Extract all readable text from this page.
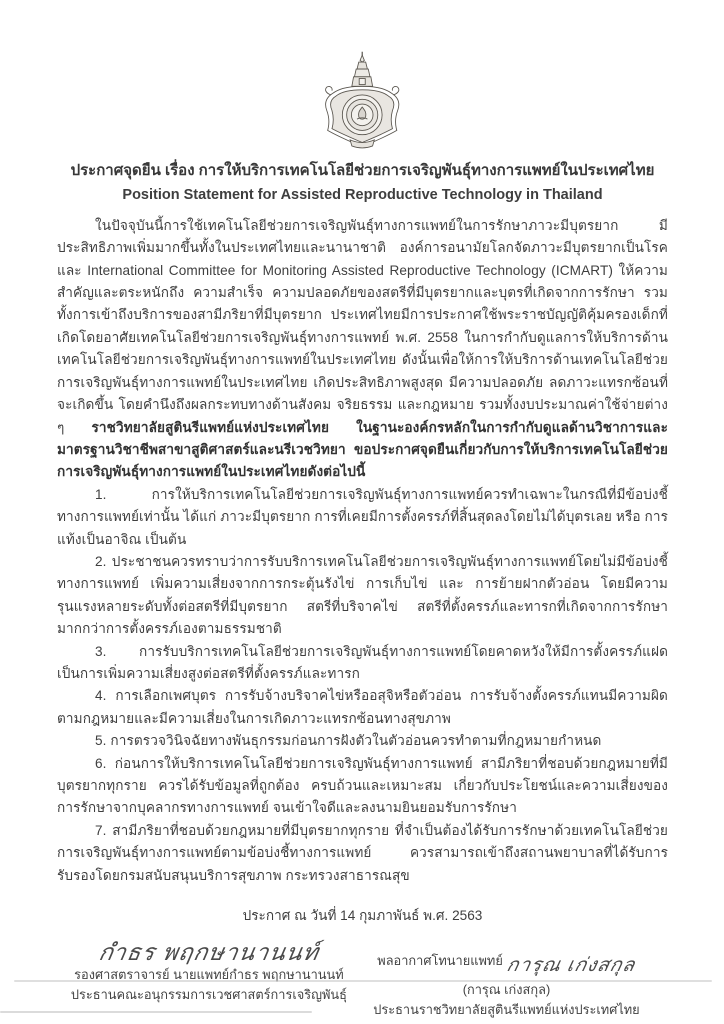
ประกาศจุดยืน เรื่อง การให้บริการเทคโนโลยีช่วยการเจริญพันธุ์ทางการแพทย์ในประเทศไทย
Position Statement for Assisted Reproductive Technology in Thailand

ในปัจจุบันนี้การใช้เทคโนโลยีช่วยการเจริญพันธุ์ทางการแพทย์ในการรักษาภาวะมีบุตรยาก มีประสิทธิภาพเพิ่มมากขึ้นทั้งในประเทศไทยและนานาชาติ องค์การอนามัยโลกจัดภาวะมีบุตรยากเป็นโรค และ International Committee for Monitoring Assisted Reproductive Technology (ICMART) ให้ความสำคัญและตระหนักถึง ความสำเร็จ ความปลอดภัยของสตรีที่มีบุตรยากและบุตรที่เกิดจากการรักษา รวมทั้งการเข้าถึงบริการของสามีภริยาที่มีบุตรยาก ประเทศไทยมีการประกาศใช้พระราชบัญญัติคุ้มครองเด็กที่เกิดโดยอาศัยเทคโนโลยีช่วยการเจริญพันธุ์ทางการแพทย์ พ.ศ. 2558 ในการกำกับดูแลการให้บริการด้านเทคโนโลยีช่วยการเจริญพันธุ์ทางการแพทย์ในประเทศไทย ดังนั้นเพื่อให้การให้บริการด้านเทคโนโลยีช่วยการเจริญพันธุ์ทางการแพทย์ในประเทศไทย เกิดประสิทธิภาพสูงสุด มีความปลอดภัย ลดภาวะแทรกซ้อนที่จะเกิดขึ้น โดยคำนึงถึงผลกระทบทางด้านสังคม จริยธรรม และกฎหมาย รวมทั้งงบประมาณค่าใช้จ่ายต่าง ๆ ราชวิทยาลัยสูตินรีแพทย์แห่งประเทศไทย ในฐานะองค์กรหลักในการกำกับดูแลด้านวิชาการและมาตรฐานวิชาชีพสาขาสูติศาสตร์และนรีเวชวิทยา ขอประกาศจุดยืนเกี่ยวกับการให้บริการเทคโนโลยีช่วยการเจริญพันธุ์ทางการแพทย์ในประเทศไทยดังต่อไปนี้

1. การให้บริการเทคโนโลยีช่วยการเจริญพันธุ์ทางการแพทย์ควรทำเฉพาะในกรณีที่มีข้อบ่งชี้ทางการแพทย์เท่านั้น ได้แก่ ภาวะมีบุตรยาก การที่เคยมีการตั้งครรภ์ที่สิ้นสุดลงโดยไม่ได้บุตรเลย หรือ การแท้งเป็นอาจิณ เป็นต้น

2. ประชาชนควรทราบว่าการรับบริการเทคโนโลยีช่วยการเจริญพันธุ์ทางการแพทย์โดยไม่มีข้อบ่งชี้ทางการแพทย์ เพิ่มความเสี่ยงจากการกระตุ้นรังไข่ การเก็บไข่ และ การย้ายฝากตัวอ่อน โดยมีความรุนแรงหลายระดับทั้งต่อสตรีที่มีบุตรยาก สตรีที่บริจาคไข่ สตรีที่ตั้งครรภ์และทารกที่เกิดจากการรักษา มากกว่าการตั้งครรภ์เองตามธรรมชาติ

3. การรับบริการเทคโนโลยีช่วยการเจริญพันธุ์ทางการแพทย์โดยคาดหวังให้มีการตั้งครรภ์แฝดเป็นการเพิ่มความเสี่ยงสูงต่อสตรีที่ตั้งครรภ์และทารก

4. การเลือกเพศบุตร การรับจ้างบริจาคไข่หรืออสุจิหรือตัวอ่อน การรับจ้างตั้งครรภ์แทนมีความผิดตามกฎหมายและมีความเสี่ยงในการเกิดภาวะแทรกซ้อนทางสุขภาพ

5. การตรวจวินิจฉัยทางพันธุกรรมก่อนการฝังตัวในตัวอ่อนควรทำตามที่กฎหมายกำหนด

6. ก่อนการให้บริการเทคโนโลยีช่วยการเจริญพันธุ์ทางการแพทย์ สามีภริยาที่ชอบด้วยกฎหมายที่มีบุตรยากทุกราย ควรได้รับข้อมูลที่ถูกต้อง ครบถ้วนและเหมาะสม เกี่ยวกับประโยชน์และความเสี่ยงของการรักษาจากบุคลากรทางการแพทย์ จนเข้าใจดีและลงนามยินยอมรับการรักษา

7. สามีภริยาที่ชอบด้วยกฎหมายที่มีบุตรยากทุกราย ที่จำเป็นต้องได้รับการรักษาด้วยเทคโนโลยีช่วยการเจริญพันธุ์ทางการแพทย์ตามข้อบ่งชี้ทางการแพทย์ ควรสามารถเข้าถึงสถานพยาบาลที่ได้รับการรับรองโดยกรมสนับสนุนบริการสุขภาพ กระทรวงสาธารณสุข

ประกาศ ณ วันที่ 14 กุมภาพันธ์ พ.ศ. 2563

กำธร พฤกษานานนท์
รองศาสตราจารย์ นายแพทย์กำธร พฤกษานานนท์
ประธานคณะอนุกรรมการเวชศาสตร์การเจริญพันธุ์
$^{พลอากาศโทนายแพทย์}$ การุณ เก่งสกุล
(การุณ เก่งสกุล)
ประธานราชวิทยาลัยสูตินรีแพทย์แห่งประเทศไทย
